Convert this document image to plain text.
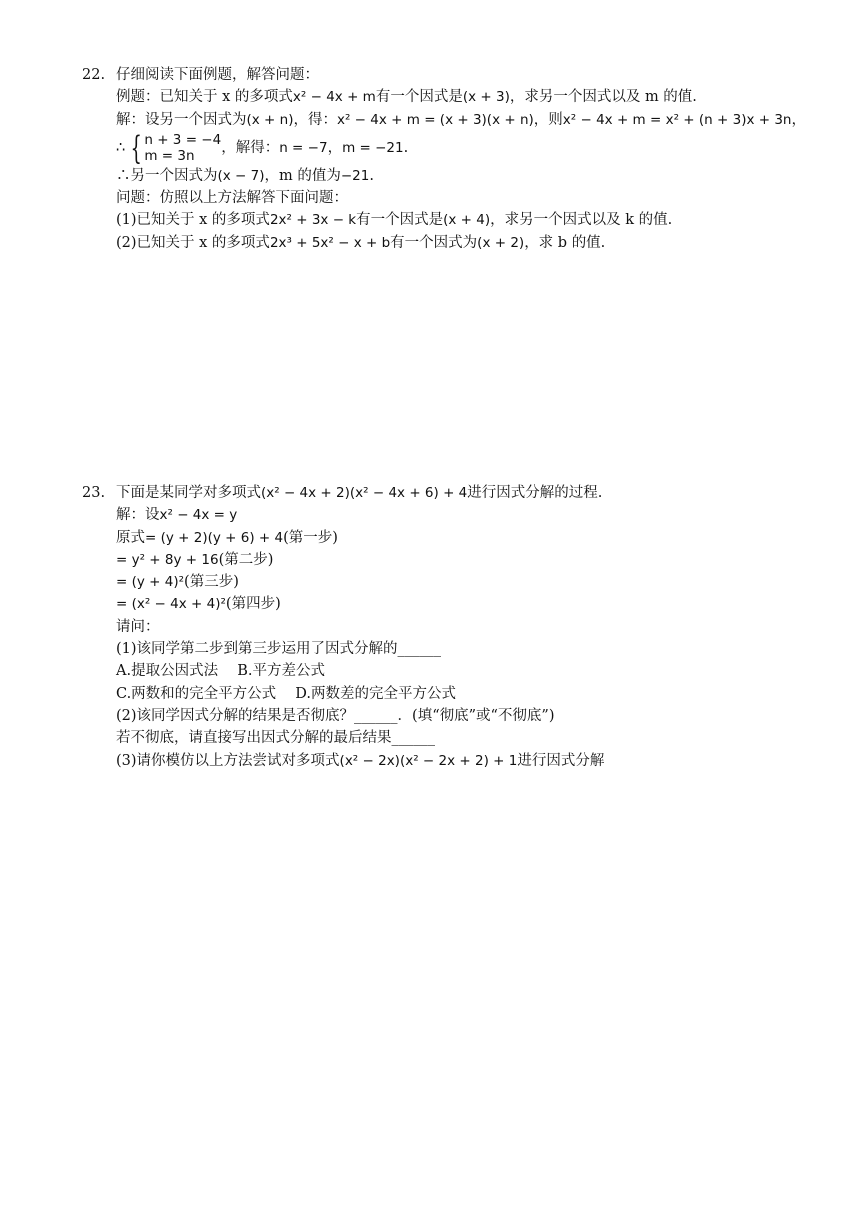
22. 仔细阅读下面例题，解答问题：
例题：已知关于 x 的多项式x² − 4x + m有一个因式是(x + 3)，求另一个因式以及 m 的值.
解：设另一个因式为(x + n)，得：x² − 4x + m = (x + 3)(x + n)，则x² − 4x + m = x² + (n + 3)x + 3n，
∴ { n + 3 = −4
m = 3n
，解得： n = −7 ， m = −21 .
∴另一个因式为(x − 7)，m 的值为−21.
问题：仿照以上方法解答下面问题：
(1)已知关于 x 的多项式2x² + 3x − k有一个因式是(x + 4)，求另一个因式以及 k 的值.
(2)已知关于 x 的多项式2x³ + 5x² − x + b有一个因式为(x + 2)，求 b 的值.
23. 下面是某同学对多项式(x² − 4x + 2)(x² − 4x + 6) + 4进行因式分解的过程.
解：设x² − 4x = y
原式= (y + 2)(y + 6) + 4(第一步)
= y² + 8y + 16(第二步)
= (y + 4)²(第三步)
= (x² − 4x + 4)²(第四步)
请问：
(1)该同学第二步到第三步运用了因式分解的______
A.提取公因式法　 B.平方差公式
C.两数和的完全平方公式　 D.两数差的完全平方公式
(2)该同学因式分解的结果是否彻底？______．(填“彻底”或“不彻底”)
若不彻底，请直接写出因式分解的最后结果______
(3)请你模仿以上方法尝试对多项式(x² − 2x)(x² − 2x + 2) + 1进行因式分解
